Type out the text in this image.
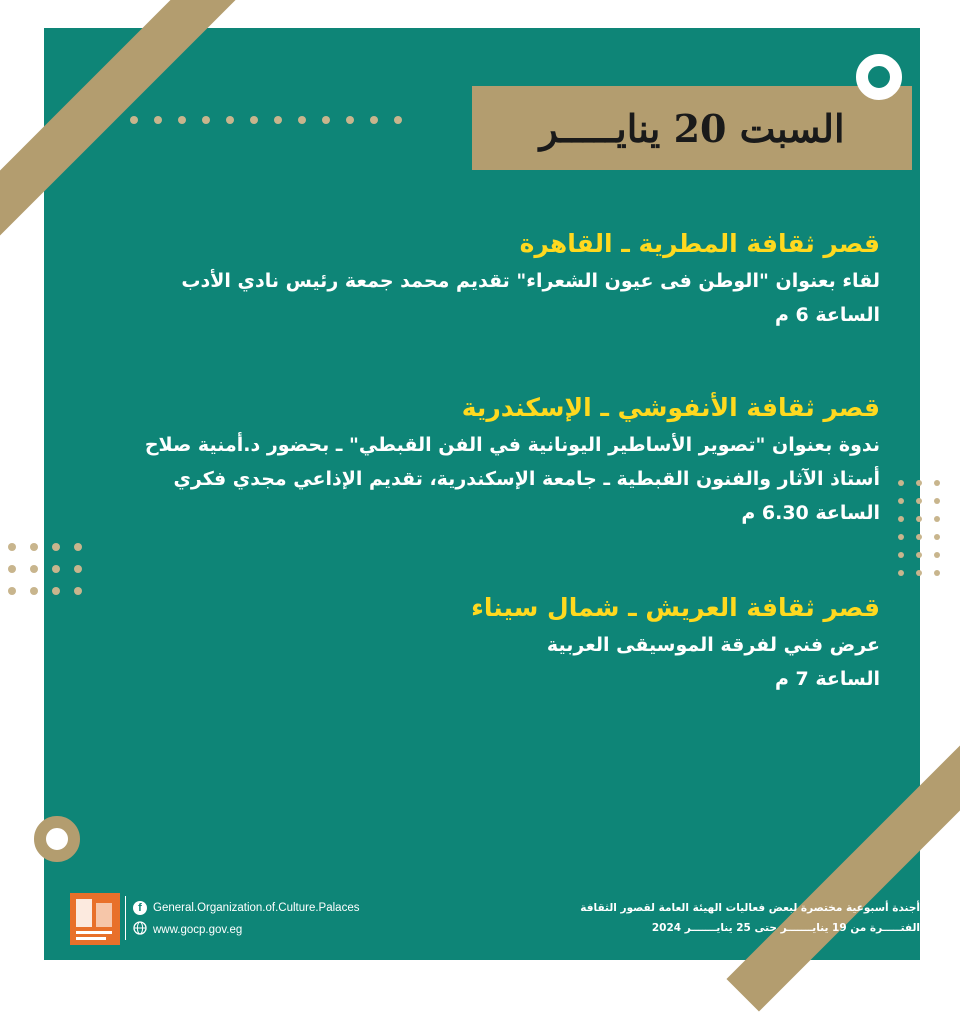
السبت 20 ينايـــــر

قصر ثقافة المطرية ـ القاهرة

لقاء بعنوان "الوطن فى عيون الشعراء" تقديم محمد جمعة رئيس نادي الأدب

الساعة 6 م

قصر ثقافة الأنفوشي ـ الإسكندرية

ندوة بعنوان "تصوير الأساطير اليونانية في الفن القبطي" ـ بحضور د.أمنية صلاح

أستاذ الآثار والفنون القبطية ـ جامعة الإسكندرية، تقديم الإذاعي مجدي فكري

الساعة 6.30 م

قصر ثقافة العريش ـ شمال سيناء

عرض فني لفرقة الموسيقى العربية

الساعة 7 م

f General.Organization.of.Culture.Palaces
www.gocp.gov.eg
أجندة أسبوعية مختصرة لبعض فعاليات الهيئة العامة لقصور الثقافة
الفتـــــرة من 19 ينايـــــــر حتى 25 ينايـــــــر 2024
